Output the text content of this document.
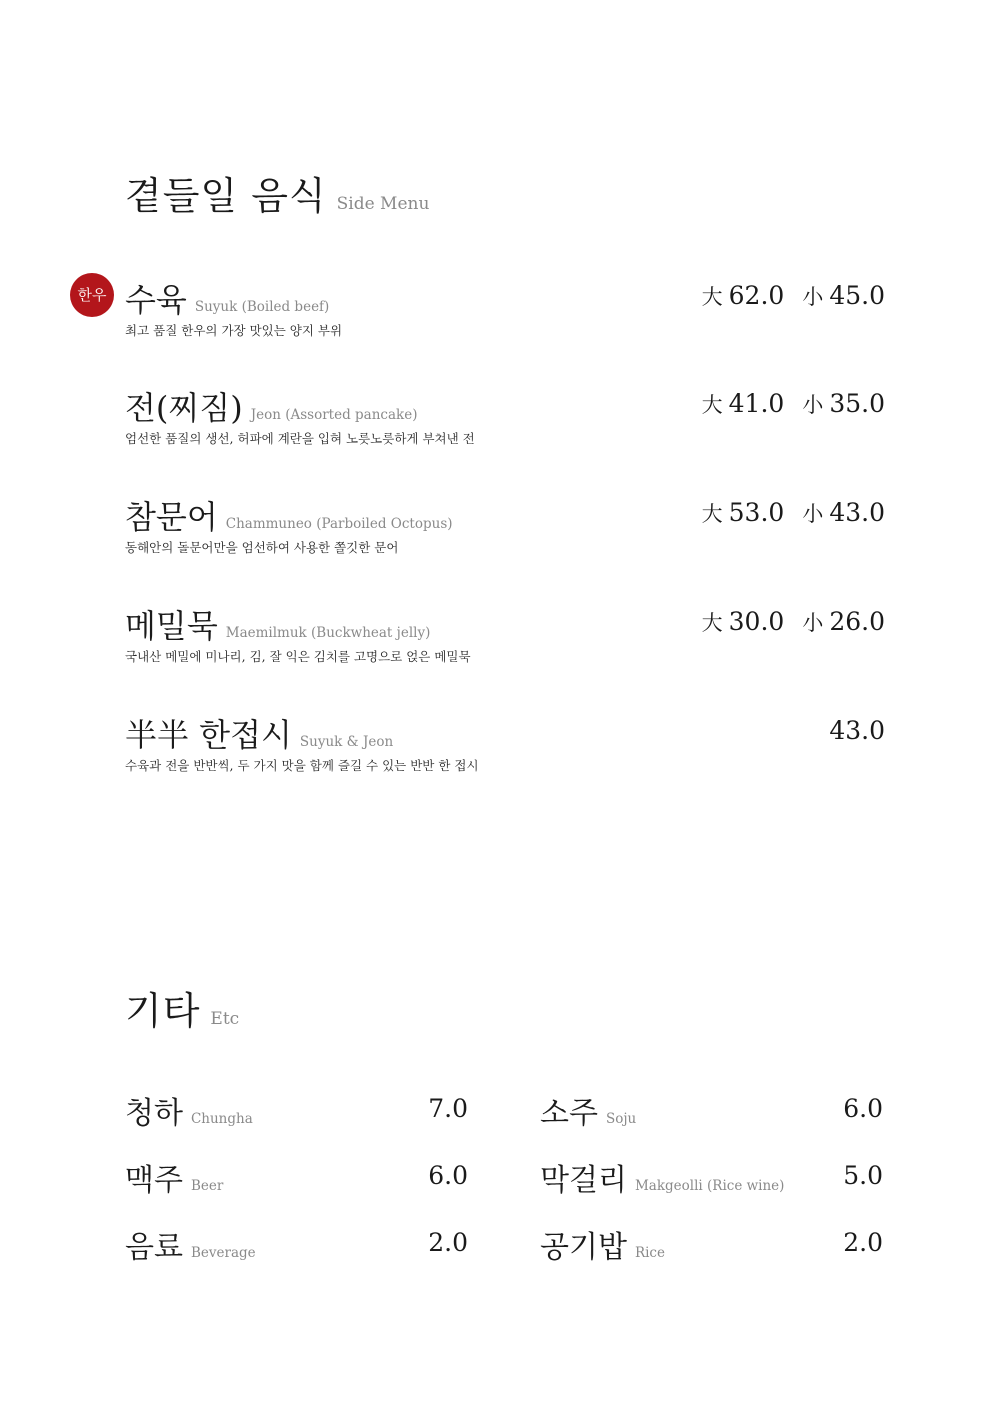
곁들일 음식 Side Menu
한우 수육 Suyuk (Boiled beef)
최고 품질 한우의 가장 맛있는 양지 부위
大 62.0 小 45.0
전(찌짐) Jeon (Assorted pancake)
엄선한 품질의 생선, 허파에 계란을 입혀 노릇노릇하게 부쳐낸 전
大 41.0 小 35.0
참문어 Chammuneo (Parboiled Octopus)
동해안의 돌문어만을 엄선하여 사용한 쫄깃한 문어
大 53.0 小 43.0
메밀묵 Maemilmuk (Buckwheat jelly)
국내산 메밀에 미나리, 김, 잘 익은 김치를 고명으로 얹은 메밀묵
大 30.0 小 26.0
半半 한접시 Suyuk & Jeon
수육과 전을 반반씩, 두 가지 맛을 함께 즐길 수 있는 반반 한 접시
43.0
기타 Etc
청하 Chungha	7.0 소주 Soju	6.0
맥주 Beer	6.0 막걸리 Makgeolli (Rice wine) 5.0
음료 Beverage	2.0 공기밥 Rice	2.0
